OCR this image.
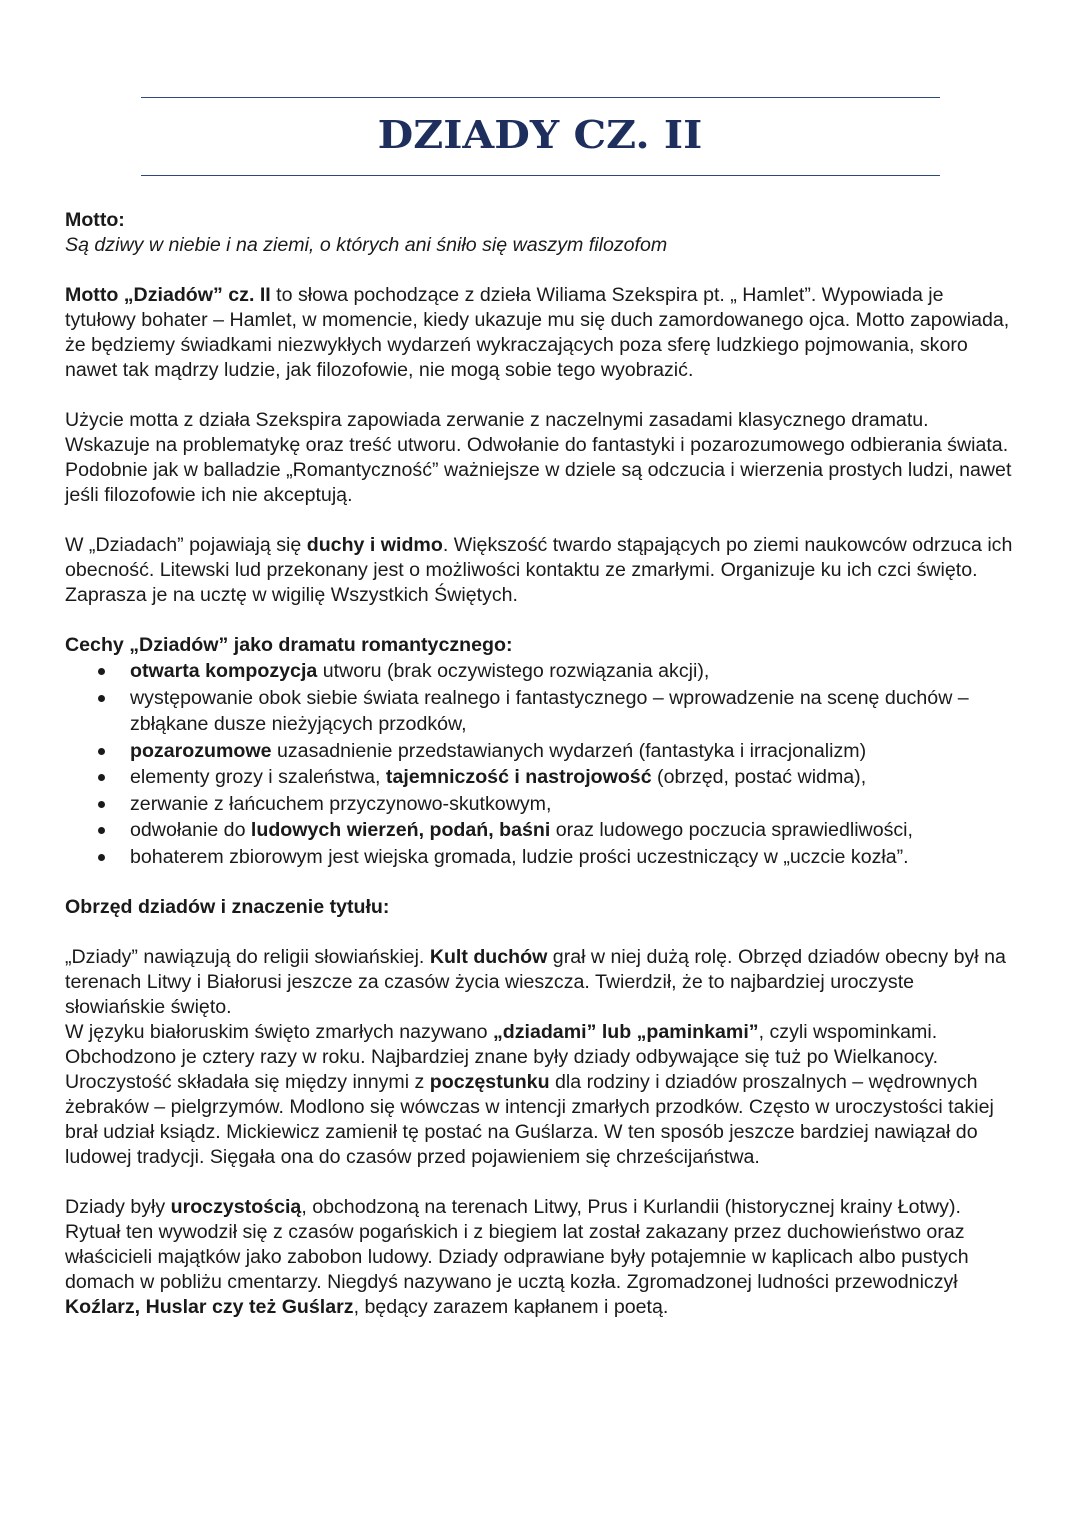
DZIADY CZ. II

Motto:

Są dziwy w niebie i na ziemi, o których ani śniło się waszym filozofom

Motto „Dziadów” cz. II to słowa pochodzące z dzieła Wiliama Szekspira pt. „ Hamlet”. Wypowiada je tytułowy bohater – Hamlet, w momencie, kiedy ukazuje mu się duch zamordowanego ojca. Motto zapowiada, że będziemy świadkami niezwykłych wydarzeń wykraczających poza sferę ludzkiego pojmowania, skoro nawet tak mądrzy ludzie, jak filozofowie, nie mogą sobie tego wyobrazić.

Użycie motta z działa Szekspira zapowiada zerwanie z naczelnymi zasadami klasycznego dramatu. Wskazuje na problematykę oraz treść utworu. Odwołanie do fantastyki i pozarozumowego odbierania świata. Podobnie jak w balladzie „Romantyczność” ważniejsze w dziele są odczucia i wierzenia prostych ludzi, nawet jeśli filozofowie ich nie akceptują.

W „Dziadach” pojawiają się duchy i widmo. Większość twardo stąpających po ziemi naukowców odrzuca ich obecność. Litewski lud przekonany jest o możliwości kontaktu ze zmarłymi. Organizuje ku ich czci święto. Zaprasza je na ucztę w wigilię Wszystkich Świętych.

Cechy „Dziadów” jako dramatu romantycznego:

otwarta kompozycja utworu (brak oczywistego rozwiązania akcji),
występowanie obok siebie świata realnego i fantastycznego – wprowadzenie na scenę duchów – zbłąkane dusze nieżyjących przodków,
pozarozumowe uzasadnienie przedstawianych wydarzeń (fantastyka i irracjonalizm)
elementy grozy i szaleństwa, tajemniczość i nastrojowość (obrzęd, postać widma),
zerwanie z łańcuchem przyczynowo-skutkowym,
odwołanie do ludowych wierzeń, podań, baśni oraz ludowego poczucia sprawiedliwości,
bohaterem zbiorowym jest wiejska gromada, ludzie prości uczestniczący w „uczcie kozła”.

Obrzęd dziadów i znaczenie tytułu:

„Dziady” nawiązują do religii słowiańskiej. Kult duchów grał w niej dużą rolę. Obrzęd dziadów obecny był na terenach Litwy i Białorusi jeszcze za czasów życia wieszcza. Twierdził, że to najbardziej uroczyste słowiańskie święto.

W języku białoruskim święto zmarłych nazywano „dziadami” lub „paminkami”, czyli wspominkami. Obchodzono je cztery razy w roku. Najbardziej znane były dziady odbywające się tuż po Wielkanocy.

Uroczystość składała się między innymi z poczęstunku dla rodziny i dziadów proszalnych – wędrownych żebraków – pielgrzymów. Modlono się wówczas w intencji zmarłych przodków. Często w uroczystości takiej brał udział ksiądz. Mickiewicz zamienił tę postać na Guślarza. W ten sposób jeszcze bardziej nawiązał do ludowej tradycji. Sięgała ona do czasów przed pojawieniem się chrześcijaństwa.

Dziady były uroczystością, obchodzoną na terenach Litwy, Prus i Kurlandii (historycznej krainy Łotwy). Rytuał ten wywodził się z czasów pogańskich i z biegiem lat został zakazany przez duchowieństwo oraz właścicieli majątków jako zabobon ludowy. Dziady odprawiane były potajemnie w kaplicach albo pustych domach w pobliżu cmentarzy. Niegdyś nazywano je ucztą kozła. Zgromadzonej ludności przewodniczył Koźlarz, Huslar czy też Guślarz, będący zarazem kapłanem i poetą.
